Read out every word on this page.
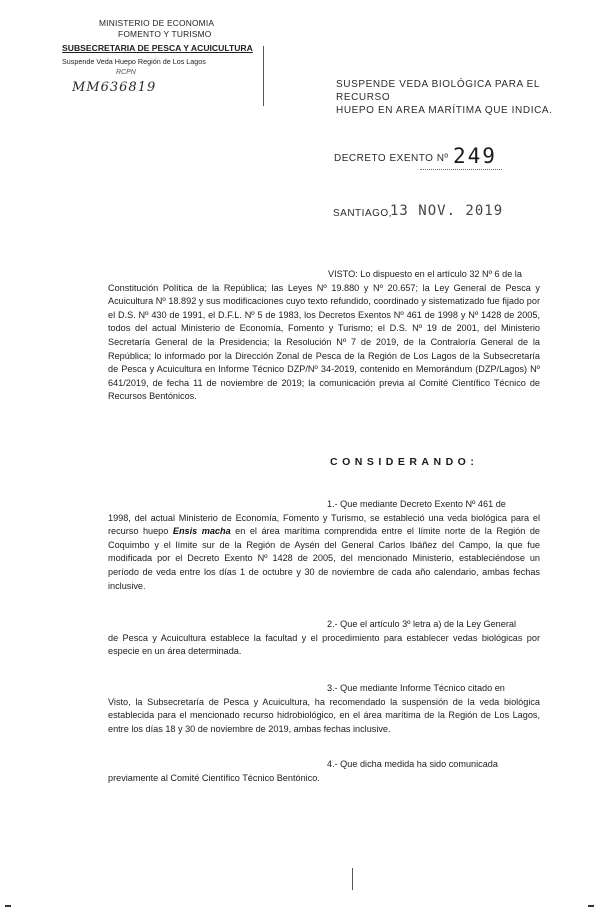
MINISTERIO DE ECONOMIA
FOMENTO Y TURISMO
SUBSECRETARIA DE PESCA Y ACUICULTURA
Suspende Veda Huepo Región de Los Lagos
RCPN
MM636819	SUSPENDE VEDA BIOLÓGICA PARA EL RECURSO
HUEPO EN AREA MARÍTIMA QUE INDICA.
DECRETO EXENTO Nº 249
SANTIAGO,
13 NOV. 2019
VISTO: Lo dispuesto en el artículo 32 Nº 6 de la
Constitución Política de la República; las Leyes Nº 19.880 y Nº 20.657; la Ley General de Pesca y Acuicultura Nº 18.892 y sus modificaciones cuyo texto refundido, coordinado y sistematizado fue fijado por el D.S. Nº 430 de 1991, el D.F.L. Nº 5 de 1983, los Decretos Exentos Nº 461 de 1998 y Nº 1428 de 2005, todos del actual Ministerio de Economía, Fomento y Turismo; el D.S. Nº 19 de 2001, del Ministerio Secretaría General de la Presidencia; la Resolución Nº 7 de 2019, de la Contraloría General de la República; lo informado por la Dirección Zonal de Pesca de la Región de Los Lagos de la Subsecretaría de Pesca y Acuicultura en Informe Técnico DZP/Nº 34-2019, contenido en Memorándum (DZP/Lagos) Nº 641/2019, de fecha 11 de noviembre de 2019; la comunicación previa al Comité Científico Técnico de Recursos Bentónicos.
CONSIDERANDO:
1.- Que mediante Decreto Exento Nº 461 de
1998, del actual Ministerio de Economía, Fomento y Turismo, se estableció una veda biológica para el recurso huepo Ensis macha en el área marítima comprendida entre el límite norte de la Región de Coquimbo y el límite sur de la Región de Aysén del General Carlos Ibáñez del Campo, la que fue modificada por el Decreto Exento Nº 1428 de 2005, del mencionado Ministerio, estableciéndose un período de veda entre los días 1 de octubre y 30 de noviembre de cada año calendario, ambas fechas inclusive.
2.- Que el artículo 3º letra a) de la Ley General
de Pesca y Acuicultura establece la facultad y el procedimiento para establecer vedas biológicas por especie en un área determinada.
3.- Que mediante Informe Técnico citado en
Visto, la Subsecretaría de Pesca y Acuicultura, ha recomendado la suspensión de la veda biológica establecida para el mencionado recurso hidrobiológico, en el área marítima de la Región de Los Lagos, entre los días 18 y 30 de noviembre de 2019, ambas fechas inclusive.
4.- Que dicha medida ha sido comunicada
previamente al Comité Científico Técnico Bentónico.
